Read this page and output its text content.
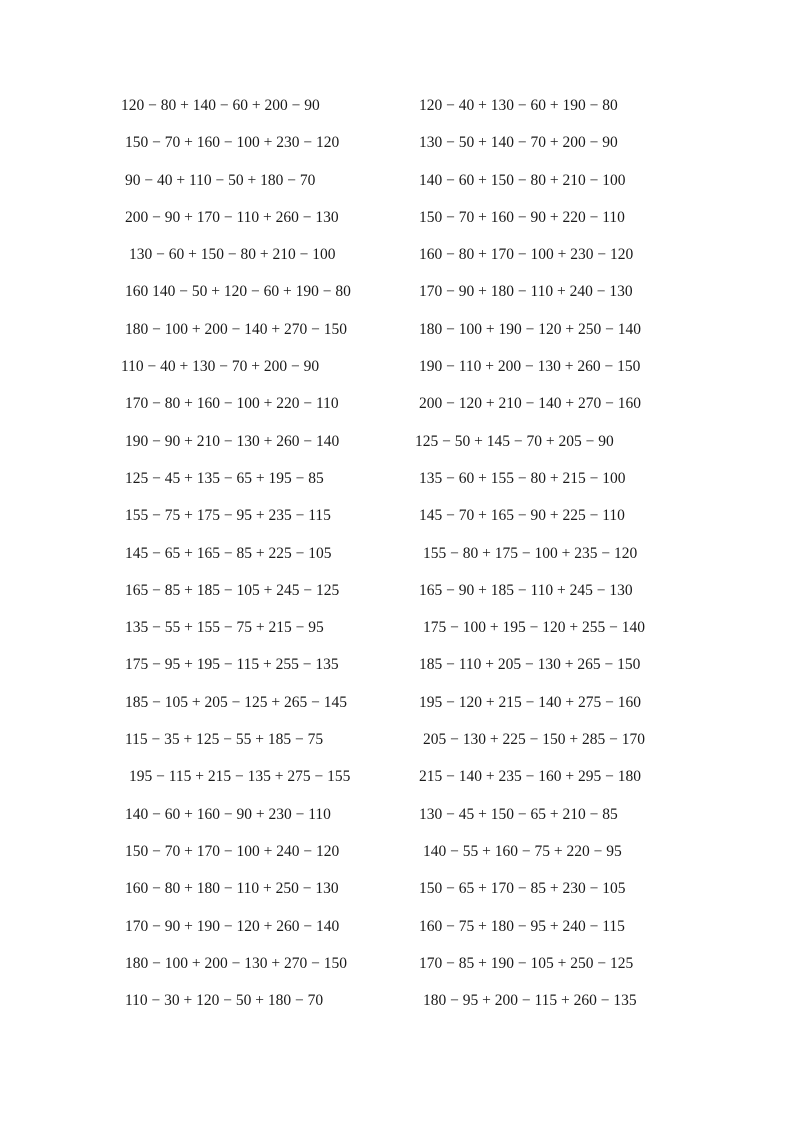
120 − 80 + 140 − 60 + 200 − 90
150 − 70 + 160 − 100 + 230 − 120
90 − 40 + 110 − 50 + 180 − 70
200 − 90 + 170 − 110 + 260 − 130
130 − 60 + 150 − 80 + 210 − 100
160 140 − 50 + 120 − 60 + 190 − 80
180 − 100 + 200 − 140 + 270 − 150
110 − 40 + 130 − 70 + 200 − 90
170 − 80 + 160 − 100 + 220 − 110
190 − 90 + 210 − 130 + 260 − 140
125 − 45 + 135 − 65 + 195 − 85
155 − 75 + 175 − 95 + 235 − 115
145 − 65 + 165 − 85 + 225 − 105
165 − 85 + 185 − 105 + 245 − 125
135 − 55 + 155 − 75 + 215 − 95
175 − 95 + 195 − 115 + 255 − 135
185 − 105 + 205 − 125 + 265 − 145
115 − 35 + 125 − 55 + 185 − 75
195 − 115 + 215 − 135 + 275 − 155
140 − 60 + 160 − 90 + 230 − 110
150 − 70 + 170 − 100 + 240 − 120
160 − 80 + 180 − 110 + 250 − 130
170 − 90 + 190 − 120 + 260 − 140
180 − 100 + 200 − 130 + 270 − 150
110 − 30 + 120 − 50 + 180 − 70
120 − 40 + 130 − 60 + 190 − 80
130 − 50 + 140 − 70 + 200 − 90
140 − 60 + 150 − 80 + 210 − 100
150 − 70 + 160 − 90 + 220 − 110
160 − 80 + 170 − 100 + 230 − 120
170 − 90 + 180 − 110 + 240 − 130
180 − 100 + 190 − 120 + 250 − 140
190 − 110 + 200 − 130 + 260 − 150
200 − 120 + 210 − 140 + 270 − 160
125 − 50 + 145 − 70 + 205 − 90
135 − 60 + 155 − 80 + 215 − 100
145 − 70 + 165 − 90 + 225 − 110
155 − 80 + 175 − 100 + 235 − 120
165 − 90 + 185 − 110 + 245 − 130
175 − 100 + 195 − 120 + 255 − 140
185 − 110 + 205 − 130 + 265 − 150
195 − 120 + 215 − 140 + 275 − 160
205 − 130 + 225 − 150 + 285 − 170
215 − 140 + 235 − 160 + 295 − 180
130 − 45 + 150 − 65 + 210 − 85
140 − 55 + 160 − 75 + 220 − 95
150 − 65 + 170 − 85 + 230 − 105
160 − 75 + 180 − 95 + 240 − 115
170 − 85 + 190 − 105 + 250 − 125
180 − 95 + 200 − 115 + 260 − 135
